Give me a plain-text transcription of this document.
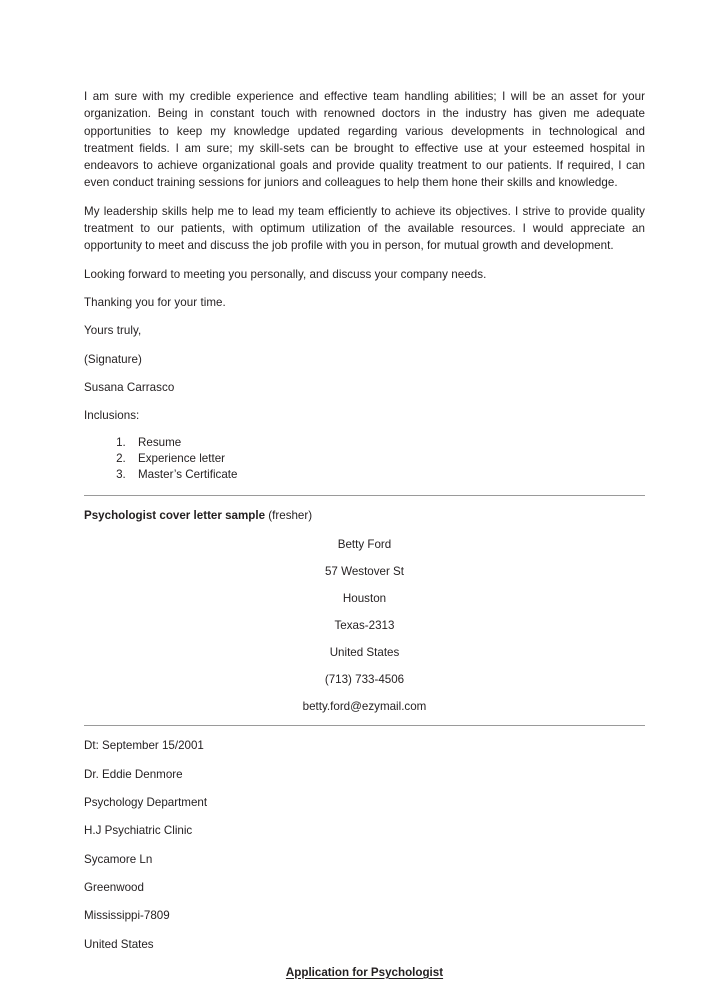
I am sure with my credible experience and effective team handling abilities; I will be an asset for your organization. Being in constant touch with renowned doctors in the industry has given me adequate opportunities to keep my knowledge updated regarding various developments in technological and treatment fields. I am sure; my skill-sets can be brought to effective use at your esteemed hospital in endeavors to achieve organizational goals and provide quality treatment to our patients. If required, I can even conduct training sessions for juniors and colleagues to help them hone their skills and knowledge.

My leadership skills help me to lead my team efficiently to achieve its objectives. I strive to provide quality treatment to our patients, with optimum utilization of the available resources. I would appreciate an opportunity to meet and discuss the job profile with you in person, for mutual growth and development.

Looking forward to meeting you personally, and discuss your company needs.

Thanking you for your time.

Yours truly,

(Signature)

Susana Carrasco

Inclusions:

1. Resume
2. Experience letter
3. Master’s Certificate

Psychologist cover letter sample (fresher)

Betty Ford

57 Westover St

Houston

Texas-2313

United States

(713) 733-4506

betty.ford@ezymail.com

Dt: September 15/2001

Dr. Eddie Denmore

Psychology Department

H.J Psychiatric Clinic

Sycamore Ln

Greenwood

Mississippi-7809

United States

Application for Psychologist
